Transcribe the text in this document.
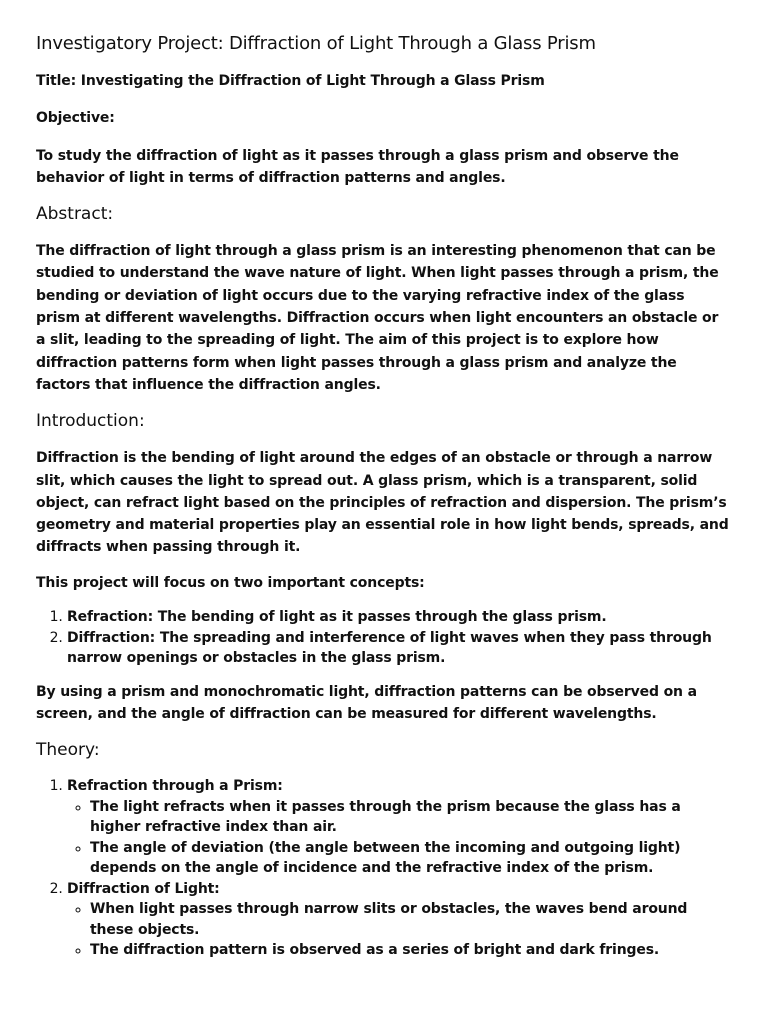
Investigatory Project: Diffraction of Light Through a Glass Prism

Title: Investigating the Diffraction of Light Through a Glass Prism

Objective:

To study the diffraction of light as it passes through a glass prism and observe the behavior of light in terms of diffraction patterns and angles.

Abstract:

The diffraction of light through a glass prism is an interesting phenomenon that can be studied to understand the wave nature of light. When light passes through a prism, the bending or deviation of light occurs due to the varying refractive index of the glass prism at different wavelengths. Diffraction occurs when light encounters an obstacle or a slit, leading to the spreading of light. The aim of this project is to explore how diffraction patterns form when light passes through a glass prism and analyze the factors that influence the diffraction angles.

Introduction:

Diffraction is the bending of light around the edges of an obstacle or through a narrow slit, which causes the light to spread out. A glass prism, which is a transparent, solid object, can refract light based on the principles of refraction and dispersion. The prism’s geometry and material properties play an essential role in how light bends, spreads, and diffracts when passing through it.

This project will focus on two important concepts:

1. Refraction: The bending of light as it passes through the glass prism.
2. Diffraction: The spreading and interference of light waves when they pass through narrow openings or obstacles in the glass prism.

By using a prism and monochromatic light, diffraction patterns can be observed on a screen, and the angle of diffraction can be measured for different wavelengths.

Theory:
1. Refraction through a Prism:
◦ The light refracts when it passes through the prism because the glass has a higher refractive index than air.
◦ The angle of deviation (the angle between the incoming and outgoing light) depends on the angle of incidence and the refractive index of the prism.
2. Diffraction of Light:
◦ When light passes through narrow slits or obstacles, the waves bend around these objects.
◦ The diffraction pattern is observed as a series of bright and dark fringes.
